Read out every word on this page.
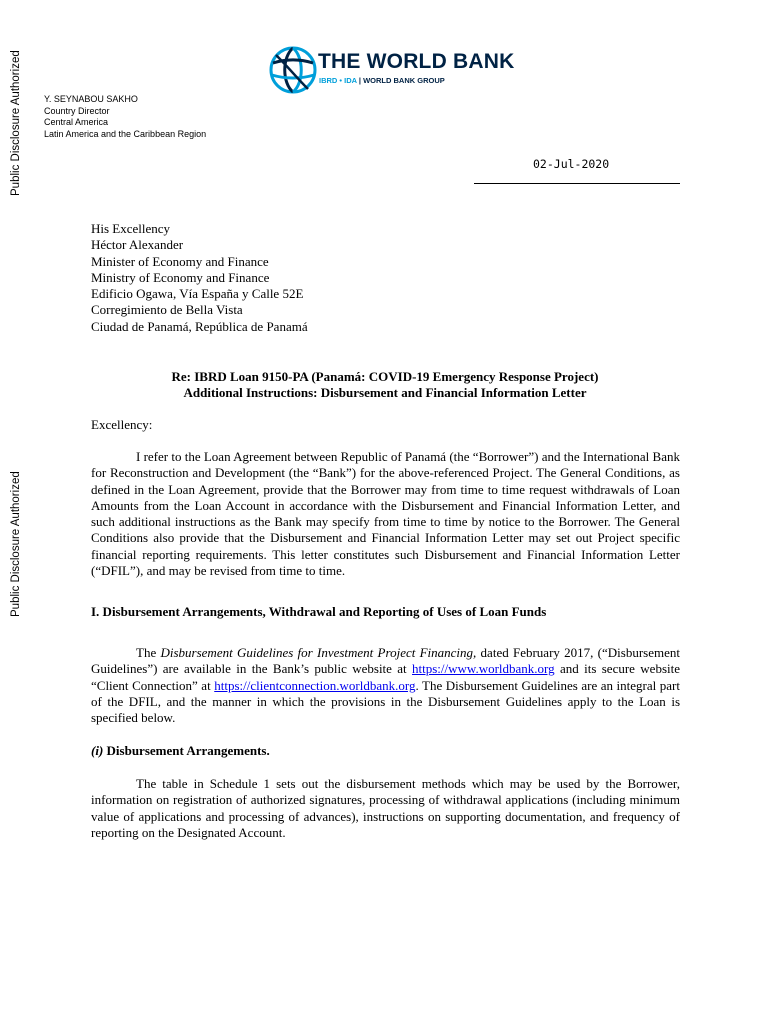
Public Disclosure Authorized
Public Disclosure Authorized
THE WORLD BANK
IBRD • IDA | WORLD BANK GROUP
Y. SEYNABOU SAKHO
Country Director
Central America
Latin America and the Caribbean Region
02-Jul-2020
His Excellency
Héctor Alexander
Minister of Economy and Finance
Ministry of Economy and Finance
Edificio Ogawa, Vía España y Calle 52E
Corregimiento de Bella Vista
Ciudad de Panamá, República de Panamá
Re: IBRD Loan 9150-PA (Panamá: COVID-19 Emergency Response Project)
Additional Instructions: Disbursement and Financial Information Letter
Excellency:

I refer to the Loan Agreement between Republic of Panamá (the “Borrower”) and the International Bank for Reconstruction and Development (the “Bank”) for the above-referenced Project. The General Conditions, as defined in the Loan Agreement, provide that the Borrower may from time to time request withdrawals of Loan Amounts from the Loan Account in accordance with the Disbursement and Financial Information Letter, and such additional instructions as the Bank may specify from time to time by notice to the Borrower. The General Conditions also provide that the Disbursement and Financial Information Letter may set out Project specific financial reporting requirements. This letter constitutes such Disbursement and Financial Information Letter (“DFIL”), and may be revised from time to time.

I. Disbursement Arrangements, Withdrawal and Reporting of Uses of Loan Funds

The Disbursement Guidelines for Investment Project Financing, dated February 2017, (“Disbursement Guidelines”) are available in the Bank’s public website at https://www.worldbank.org and its secure website “Client Connection” at https://clientconnection.worldbank.org. The Disbursement Guidelines are an integral part of the DFIL, and the manner in which the provisions in the Disbursement Guidelines apply to the Loan is specified below.

(i) Disbursement Arrangements.

The table in Schedule 1 sets out the disbursement methods which may be used by the Borrower, information on registration of authorized signatures, processing of withdrawal applications (including minimum value of applications and processing of advances), instructions on supporting documentation, and frequency of reporting on the Designated Account.
